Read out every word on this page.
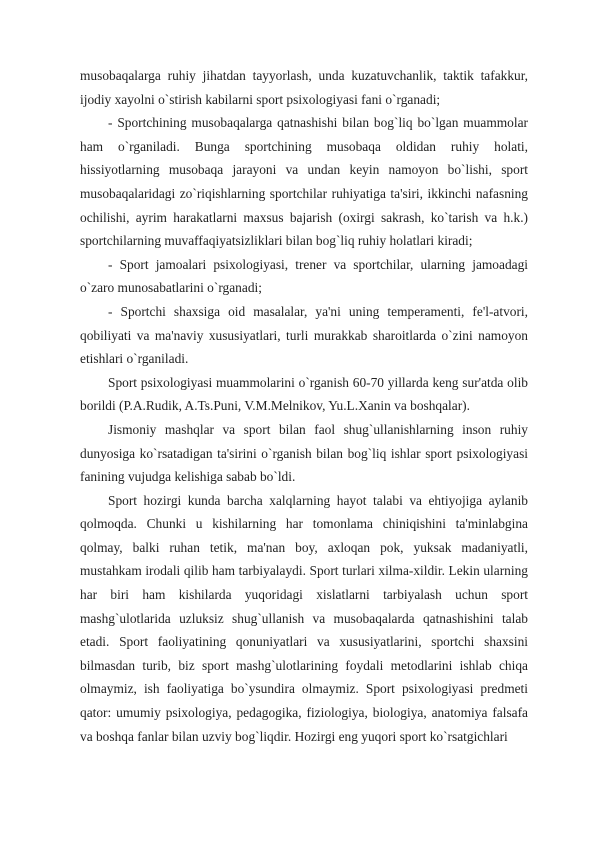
musobaqalarga ruhiy jihatdan tayyorlash, unda kuzatuvchanlik, taktik tafakkur, ijodiy xayolni o`stirish kabilarni sport psixologiyasi fani o`rganadi;

- Sportchining musobaqalarga qatnashishi bilan bog`liq bo`lgan muammolar ham o`rganiladi. Bunga sportchining musobaqa oldidan ruhiy holati, hissiyotlarning musobaqa jarayoni va undan keyin namoyon bo`lishi, sport musobaqalaridagi zo`riqishlarning sportchilar ruhiyatiga ta'siri, ikkinchi nafasning ochilishi, ayrim harakatlarni maxsus bajarish (oxirgi sakrash, ko`tarish va h.k.) sportchilarning muvaffaqiyatsizliklari bilan bog`liq ruhiy holatlari kiradi;

- Sport jamoalari psixologiyasi, trener va sportchilar, ularning jamoadagi o`zaro munosabatlarini o`rganadi;

- Sportchi shaxsiga oid masalalar, ya'ni uning temperamenti, fe'l-atvori, qobiliyati va ma'naviy xususiyatlari, turli murakkab sharoitlarda o`zini namoyon etishlari o`rganiladi.

Sport psixologiyasi muammolarini o`rganish 60-70 yillarda keng sur'atda olib borildi (P.A.Rudik, A.Ts.Puni, V.M.Melnikov, Yu.L.Xanin va boshqalar).

Jismoniy mashqlar va sport bilan faol shug`ullanishlarning inson ruhiy dunyosiga ko`rsatadigan ta'sirini o`rganish bilan bog`liq ishlar sport psixologiyasi fanining vujudga kelishiga sabab bo`ldi.

Sport hozirgi kunda barcha xalqlarning hayot talabi va ehtiyojiga aylanib qolmoqda. Chunki u kishilarning har tomonlama chiniqishini ta'minlabgina qolmay, balki ruhan tetik, ma'nan boy, axloqan pok, yuksak madaniyatli, mustahkam irodali qilib ham tarbiyalaydi. Sport turlari xilma-xildir. Lekin ularning har biri ham kishilarda yuqoridagi xislatlarni tarbiyalash uchun sport mashg`ulotlarida uzluksiz shug`ullanish va musobaqalarda qatnashishini talab etadi. Sport faoliyatining qonuniyatlari va xususiyatlarini, sportchi shaxsini bilmasdan turib, biz sport mashg`ulotlarining foydali metodlarini ishlab chiqa olmaymiz, ish faoliyatiga bo`ysundira olmaymiz. Sport psixologiyasi predmeti qator: umumiy psixologiya, pedagogika, fiziologiya, biologiya, anatomiya falsafa va boshqa fanlar bilan uzviy bog`liqdir. Hozirgi eng yuqori sport ko`rsatgichlari
